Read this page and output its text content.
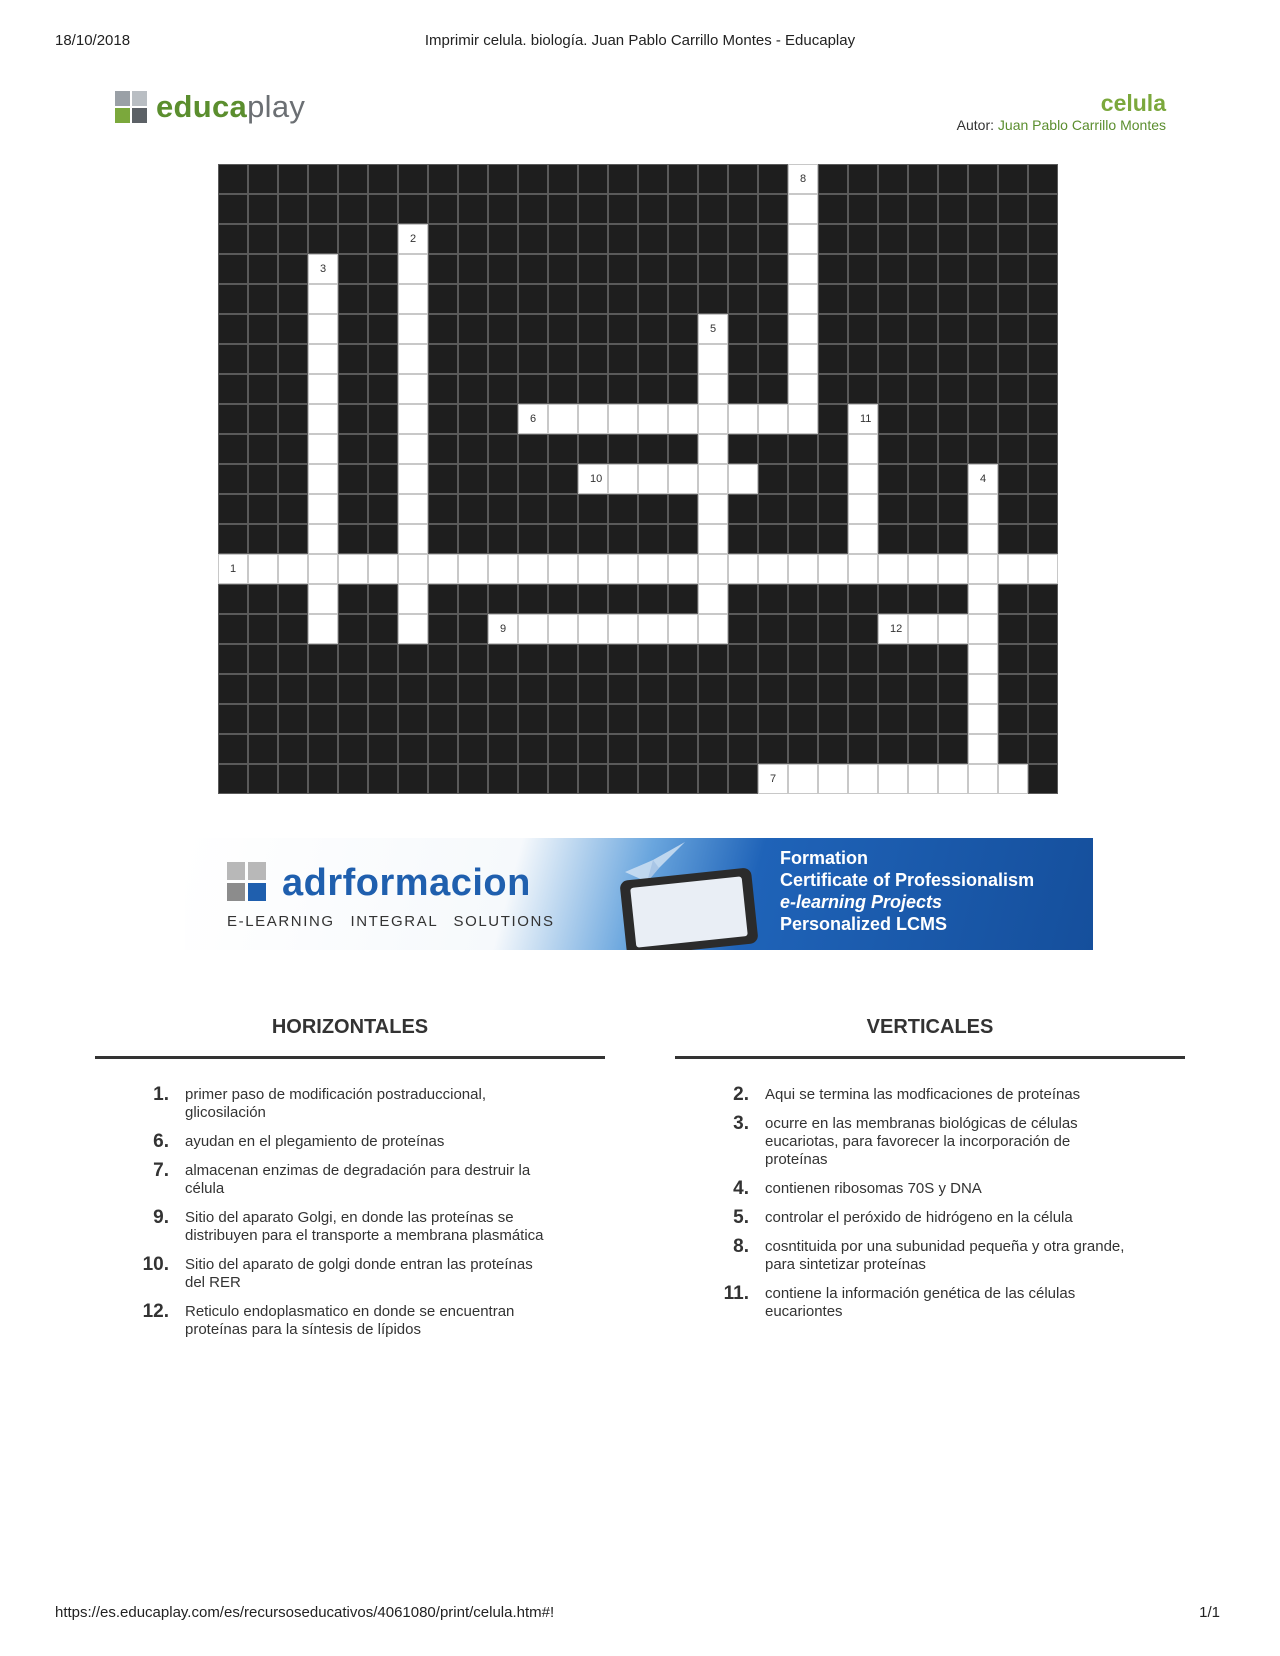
18/10/2018	Imprimir celula. biología. Juan Pablo Carrillo Montes - Educaplay
educaplay	celula
Autor: Juan Pablo Carrillo Montes
8
2
3
5
6	11
10	4
1
9	12
7
adrformacion
E-LEARNING INTEGRAL SOLUTIONS
Formation
Certificate of Professionalism
e-learning Projects
Personalized LCMS
HORIZONTALES
1. primer paso de modificación postraduccional, glicosilación
6. ayudan en el plegamiento de proteínas
7. almacenan enzimas de degradación para destruir la célula
9. Sitio del aparato Golgi, en donde las proteínas se distribuyen para el transporte a membrana plasmática
10. Sitio del aparato de golgi donde entran las proteínas del RER
12. Reticulo endoplasmatico en donde se encuentran proteínas para la síntesis de lípidos
VERTICALES
2. Aqui se termina las modficaciones de proteínas
3. ocurre en las membranas biológicas de células eucariotas, para favorecer la incorporación de proteínas
4. contienen ribosomas 70S y DNA
5. controlar el peróxido de hidrógeno en la célula
8. cosntituida por una subunidad pequeña y otra grande, para sintetizar proteínas
11. contiene la información genética de las células eucariontes
https://es.educaplay.com/es/recursoseducativos/4061080/print/celula.htm#!	1/1
